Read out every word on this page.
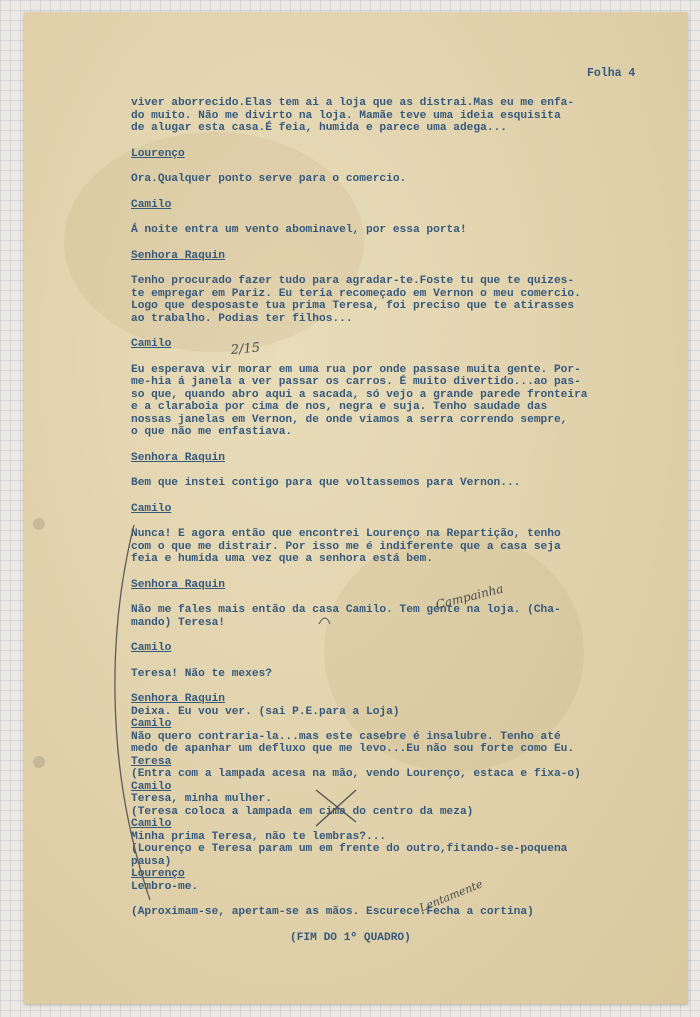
Folha 4
viver aborrecido.Elas tem ai a loja que as distrai.Mas eu me enfa-
do muito. Não me divirto na loja. Mamãe teve uma ideia esquisita
de alugar esta casa.É feia, humida e parece uma adega...
Lourenço
Ora.Qualquer ponto serve para o comercio.
Camilo
Á noite entra um vento abominavel, por essa porta!
Senhora Raquin
Tenho procurado fazer tudo para agradar-te.Foste tu que te quizes-
te empregar em Pariz. Eu teria recomeçado em Vernon o meu comercio.
Logo que desposaste tua prima Teresa, foi preciso que te atirasses
ao trabalho. Podias ter filhos...
Camilo
Eu esperava vir morar em uma rua por onde passase muita gente. Por-
me-hia á janela a ver passar os carros. É muito divertido...ao pas-
so que, quando abro aqui a sacada, só vejo a grande parede fronteira
e a claraboia por cima de nos, negra e suja. Tenho saudade das
nossas janelas em Vernon, de onde viamos a serra correndo sempre,
o que não me enfastiava.
Senhora Raquin
Bem que instei contigo para que voltassemos para Vernon...
Camilo
Nunca! E agora então que encontrei Lourenço na Repartição, tenho
com o que me distrair. Por isso me é indiferente que a casa seja
feia e humida uma vez que a senhora está bem.
Senhora Raquin
Não me fales mais então da casa Camilo. Tem gente na loja. (Cha-
mando) Teresa!
Camilo
Teresa! Não te mexes?
Senhora Raquin
Deixa. Eu vou ver. (sai P.E.para a Loja)
Camilo
Não quero contraria-la...mas este casebre é insalubre. Tenho até
medo de apanhar um defluxo que me levo...Eu não sou forte como Eu.
Teresa
(Entra com a lampada acesa na mão, vendo Lourenço, estaca e fixa-o)
Camilo
Teresa, minha mulher.
(Teresa coloca a lampada em cima do centro da meza)
Camilo
Minha prima Teresa, não te lembras?...
(Lourenço e Teresa param um em frente do outro,fitando-se-poquena
pausa)
Lourenço
Lembro-me.
(Aproximam-se, apertam-se as mãos. Escurece.Fecha a cortina)
(FIM DO 1º QUADRO)
Campainha
Lentamente
2/15
